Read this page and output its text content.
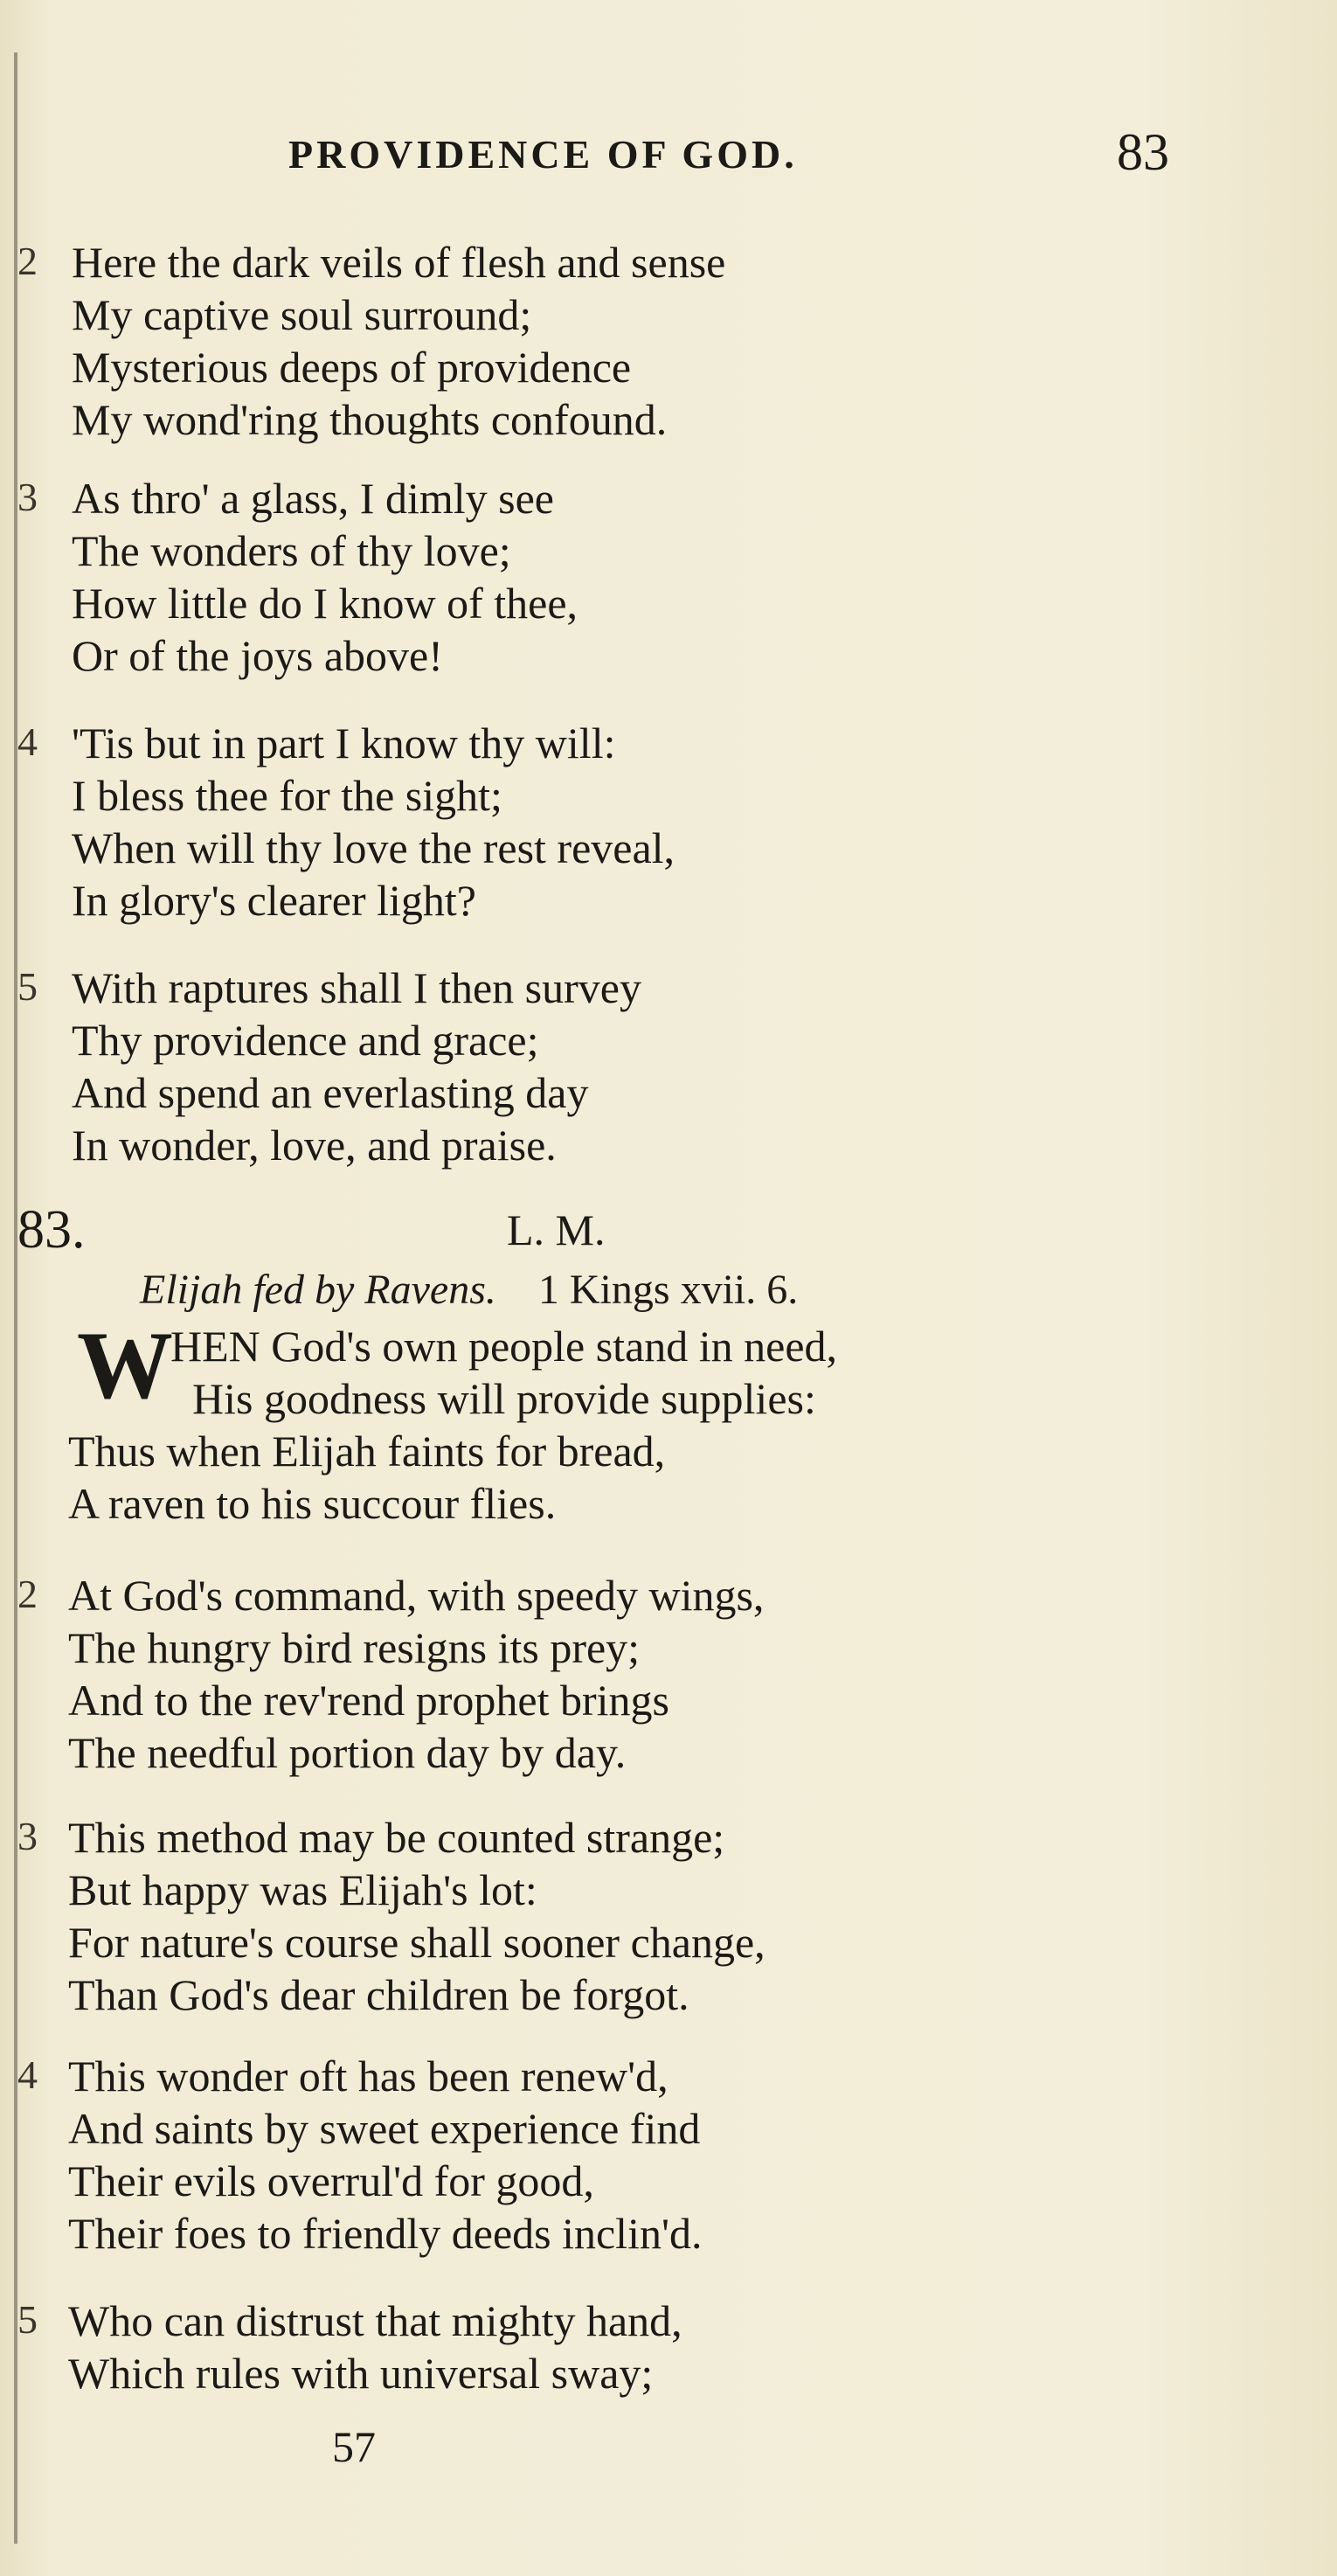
PROVIDENCE OF GOD.	83
2 Here the dark veils of flesh and sense
My captive soul surround;
Mysterious deeps of providence
My wond'ring thoughts confound.
3 As thro' a glass, I dimly see
The wonders of thy love;
How little do I know of thee,
Or of the joys above!
4 'Tis but in part I know thy will:
I bless thee for the sight;
When will thy love the rest reveal,
In glory's clearer light?
5 With raptures shall I then survey
Thy providence and grace;
And spend an everlasting day
In wonder, love, and praise.
83.	L. M.
Elijah fed by Ravens. 1 Kings xvii. 6.
W
HEN God's own people stand in need,
His goodness will provide supplies:
Thus when Elijah faints for bread,
A raven to his succour flies.
2 At God's command, with speedy wings,
The hungry bird resigns its prey;
And to the rev'rend prophet brings
The needful portion day by day.
3 This method may be counted strange;
But happy was Elijah's lot:
For nature's course shall sooner change,
Than God's dear children be forgot.
4 This wonder oft has been renew'd,
And saints by sweet experience find
Their evils overrul'd for good,
Their foes to friendly deeds inclin'd.
5 Who can distrust that mighty hand,
Which rules with universal sway;
57
